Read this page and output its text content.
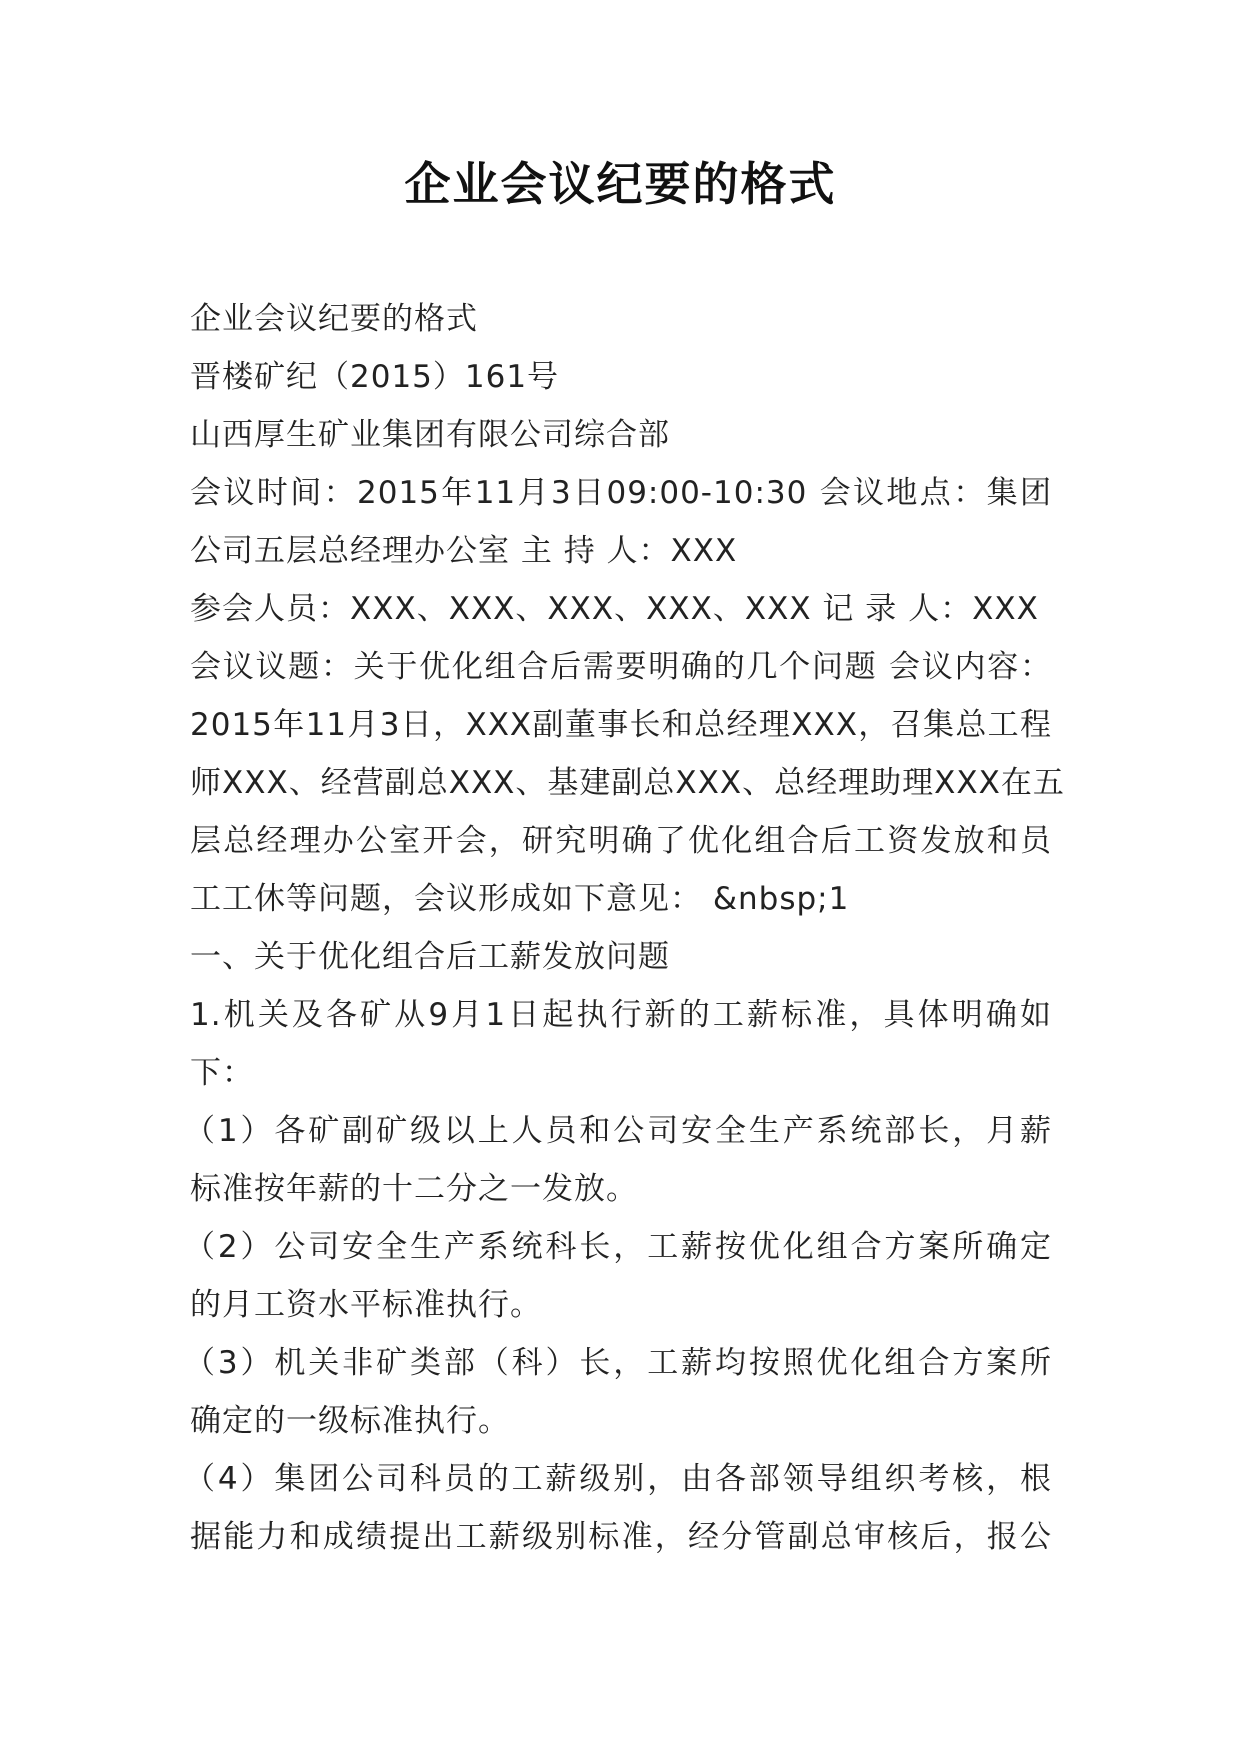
企业会议纪要的格式
企业会议纪要的格式
晋楼矿纪（2015）161号
山西厚生矿业集团有限公司综合部
会议时间：2015年11月3日09:00-10:30 会议地点：集团
公司五层总经理办公室 主 持 人：XXX
参会人员：XXX、XXX、XXX、XXX、XXX 记 录 人：XXX
会议议题：关于优化组合后需要明确的几个问题 会议内容：
2015年11月3日，XXX副董事长和总经理XXX，召集总工程
师XXX、经营副总XXX、基建副总XXX、总经理助理XXX在五
层总经理办公室开会，研究明确了优化组合后工资发放和员
工工休等问题，会议形成如下意见： &nbsp;1
一、关于优化组合后工薪发放问题
1.机关及各矿从9月1日起执行新的工薪标准，具体明确如
下：
（1）各矿副矿级以上人员和公司安全生产系统部长，月薪
标准按年薪的十二分之一发放。
（2）公司安全生产系统科长，工薪按优化组合方案所确定
的月工资水平标准执行。
（3）机关非矿类部（科）长，工薪均按照优化组合方案所
确定的一级标准执行。
（4）集团公司科员的工薪级别，由各部领导组织考核，根
据能力和成绩提出工薪级别标准，经分管副总审核后，报公
